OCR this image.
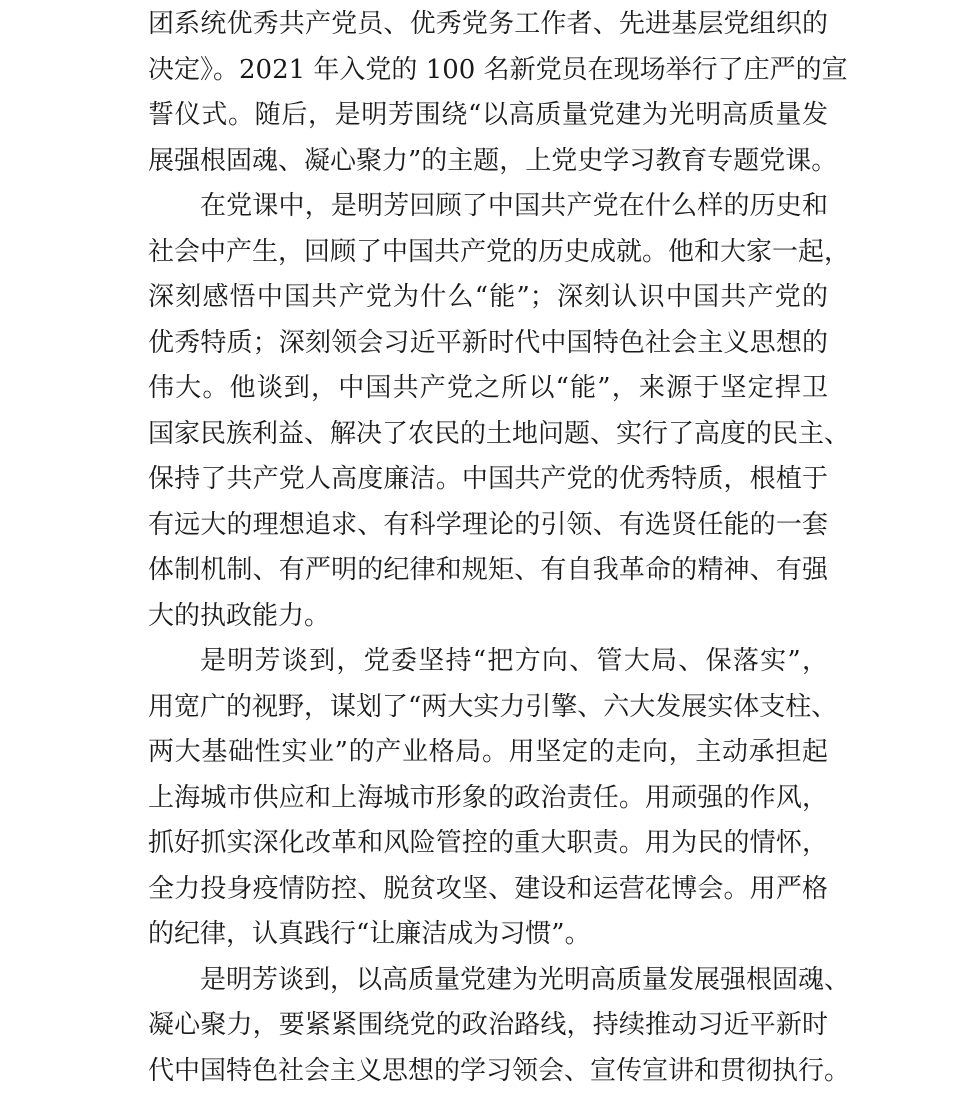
团系统优秀共产党员、优秀党务工作者、先进基层党组织的
决定》。2021 年入党的 100 名新党员在现场举行了庄严的宣
誓仪式。随后，是明芳围绕“以高质量党建为光明高质量发
展强根固魂、凝心聚力”的主题，上党史学习教育专题党课。
在党课中，是明芳回顾了中国共产党在什么样的历史和
社会中产生，回顾了中国共产党的历史成就。他和大家一起，
深刻感悟中国共产党为什么“能”；深刻认识中国共产党的
优秀特质；深刻领会习近平新时代中国特色社会主义思想的
伟大。他谈到，中国共产党之所以“能”，来源于坚定捍卫
国家民族利益、解决了农民的土地问题、实行了高度的民主、
保持了共产党人高度廉洁。中国共产党的优秀特质，根植于
有远大的理想追求、有科学理论的引领、有选贤任能的一套
体制机制、有严明的纪律和规矩、有自我革命的精神、有强
大的执政能力。
是明芳谈到，党委坚持“把方向、管大局、保落实”，
用宽广的视野，谋划了“两大实力引擎、六大发展实体支柱、
两大基础性实业”的产业格局。用坚定的走向，主动承担起
上海城市供应和上海城市形象的政治责任。用顽强的作风，
抓好抓实深化改革和风险管控的重大职责。用为民的情怀，
全力投身疫情防控、脱贫攻坚、建设和运营花博会。用严格
的纪律，认真践行“让廉洁成为习惯”。
是明芳谈到，以高质量党建为光明高质量发展强根固魂、
凝心聚力，要紧紧围绕党的政治路线，持续推动习近平新时
代中国特色社会主义思想的学习领会、宣传宣讲和贯彻执行。
